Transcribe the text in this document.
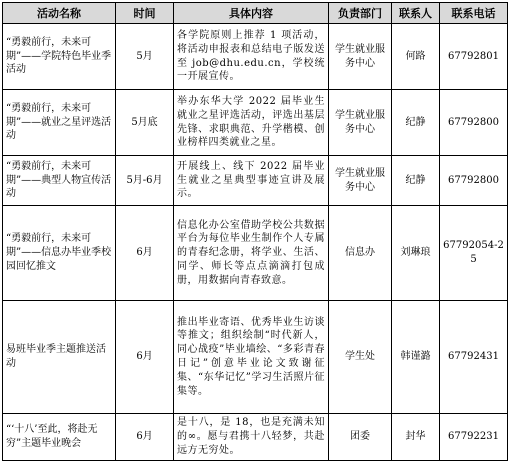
活动名称	时间	具体内容	负责部门	联系人	联系电话
“勇毅前行，未来可期”——学院特色毕业季活动	5月	各学院原则上推荐 1 项活动，将活动申报表和总结电子版发送至 job@dhu.edu.cn，学校统一开展宣传。	学生就业服务中心	何路	67792801
“勇毅前行，未来可期”——就业之星评选活动	5月底	举办东华大学 2022 届毕业生就业之星评选活动，评选出基层先锋、求职典范、升学楷模、创业榜样四类就业之星。	学生就业服务中心	纪静	67792800
“勇毅前行，未来可期”——典型人物宣传活动	5月-6月	开展线上、线下 2022 届毕业生就业之星典型事迹宣讲及展示。	学生就业服务中心	纪静	67792800
“勇毅前行，未来可期”——信息办毕业季校园回忆推文	6月	信息化办公室借助学校公共数据平台为每位毕业生制作个人专属的青春纪念册，将学业、生活、同学、师长等点点滴滴打包成册，用数据向青春致意。	信息办	刘琳琅	67792054-25
易班毕业季主题推送活动	6月	推出毕业寄语、优秀毕业生访谈等推文；组织绘制“时代新人，同心战疫”毕业墙绘、“多彩青春日记”创意毕业论文致谢征集、“东华记忆”学习生活照片征集等。	学生处	韩谨潞	67792431
“‘十八’至此，将赴无穷”主题毕业晚会	6月	是十八，是 18，也是充满未知的∞。愿与君携十八轻梦，共赴远方无穷处。	团委	封华	67792231
